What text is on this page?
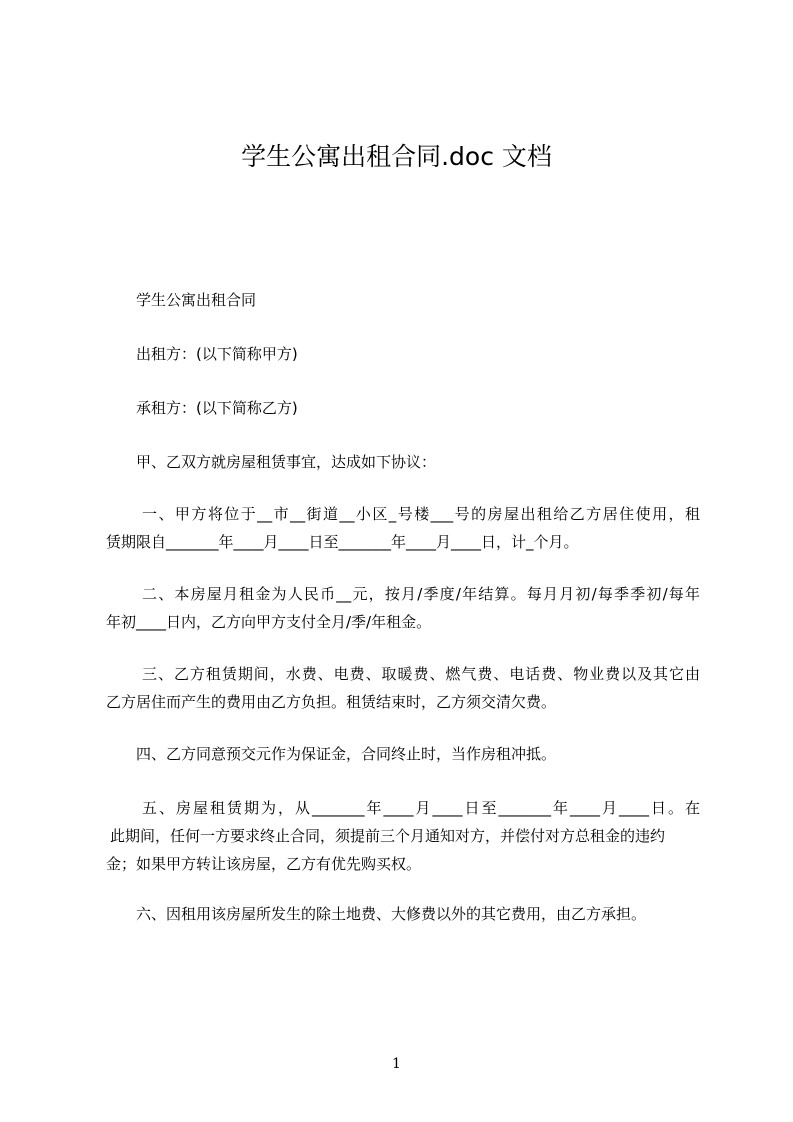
学生公寓出租合同.doc 文档
学生公寓出租合同
出租方：(以下简称甲方)
承租方：(以下简称乙方)
甲、乙双方就房屋租赁事宜，达成如下协议：
一、甲方将位于__市__街道__小区_号楼___号的房屋出租给乙方居住使用，租
赁期限自_______年____月____日至_______年____月____日，计_个月。
二、本房屋月租金为人民币__元，按月/季度/年结算。每月月初/每季季初/每年
年初____日内，乙方向甲方支付全月/季/年租金。
三、乙方租赁期间，水费、电费、取暖费、燃气费、电话费、物业费以及其它由
乙方居住而产生的费用由乙方负担。租赁结束时，乙方须交清欠费。
四、乙方同意预交元作为保证金，合同终止时，当作房租冲抵。
五、房屋租赁期为，从_______年____月____日至_______年____月____日。在
此期间，任何一方要求终止合同，须提前三个月通知对方，并偿付对方总租金的违约
金；如果甲方转让该房屋，乙方有优先购买权。
六、因租用该房屋所发生的除土地费、大修费以外的其它费用，由乙方承担。
1
